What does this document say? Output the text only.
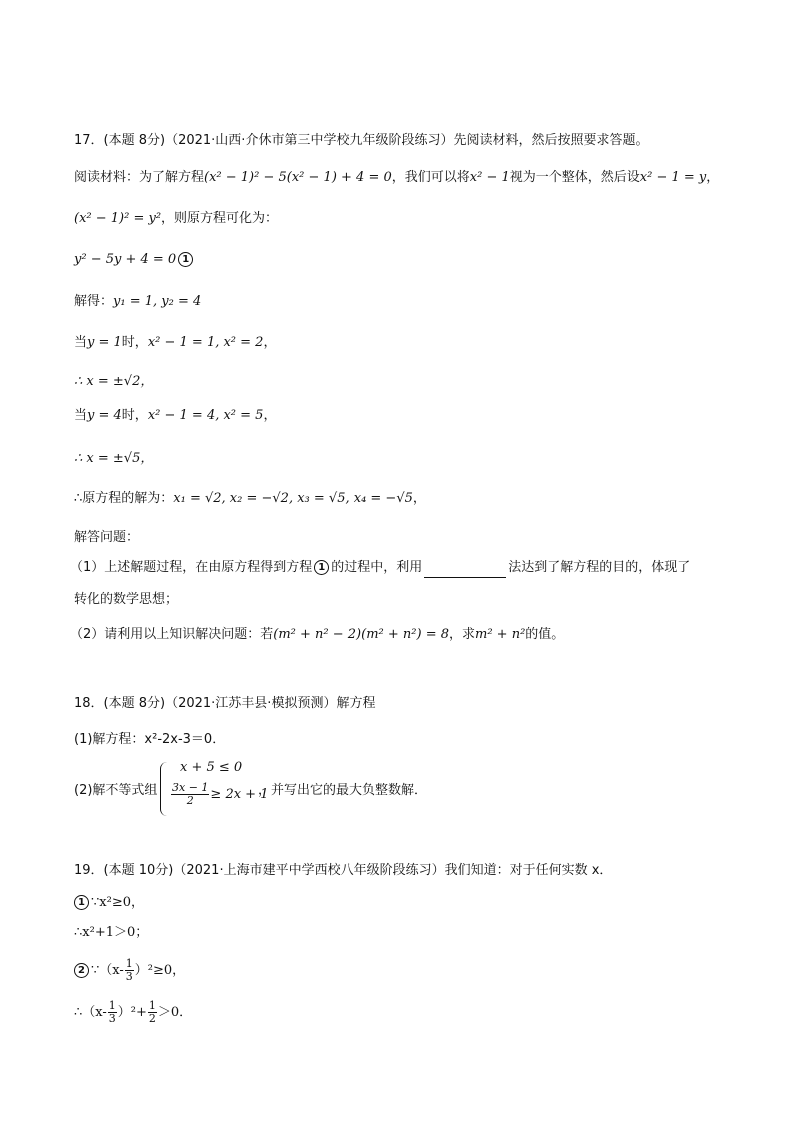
17．(本题 8分)（2021·山西·介休市第三中学校九年级阶段练习）先阅读材料，然后按照要求答题。
阅读材料：为了解方程(x² − 1)² − 5(x² − 1) + 4 = 0，我们可以将x² − 1视为一个整体，然后设x² − 1 = y，
(x² − 1)² = y²，则原方程可化为：
y² − 5y + 4 = 0 1
解得：y₁ = 1, y₂ = 4
当y = 1时，x² − 1 = 1, x² = 2，
∴ x = ±√2，
当y = 4时，x² − 1 = 4, x² = 5，
∴ x = ±√5，
∴原方程的解为：x₁ = √2, x₂ = −√2, x₃ = √5, x₄ = −√5，
解答问题：
（1）上述解题过程，在由原方程得到方程 1 的过程中，利用	法达到了解方程的目的，体现了
转化的数学思想；
（2）请利用以上知识解决问题：若(m² + n² − 2)(m² + n²) = 8，求m² + n²的值。
18．(本题 8分)（2021·江苏丰县·模拟预测）解方程
(1)解方程：x²-2x-3＝0．
(2)解不等式组
x + 5 ≤ 0
$\frac{3x - 1}{2} \ge 2x + 1$
，并写出它的最大负整数解．
19．(本题 10分)（2021·上海市建平中学西校八年级阶段练习）我们知道：对于任何实数 x．
1 ∵x²≥0，
∴x²+1＞0；
2 ∵（x- $\frac{1}{3} )^2\ge 0$，
∴（x- $\frac{1}{3} )^2+ \frac{1}{2} >0$．
